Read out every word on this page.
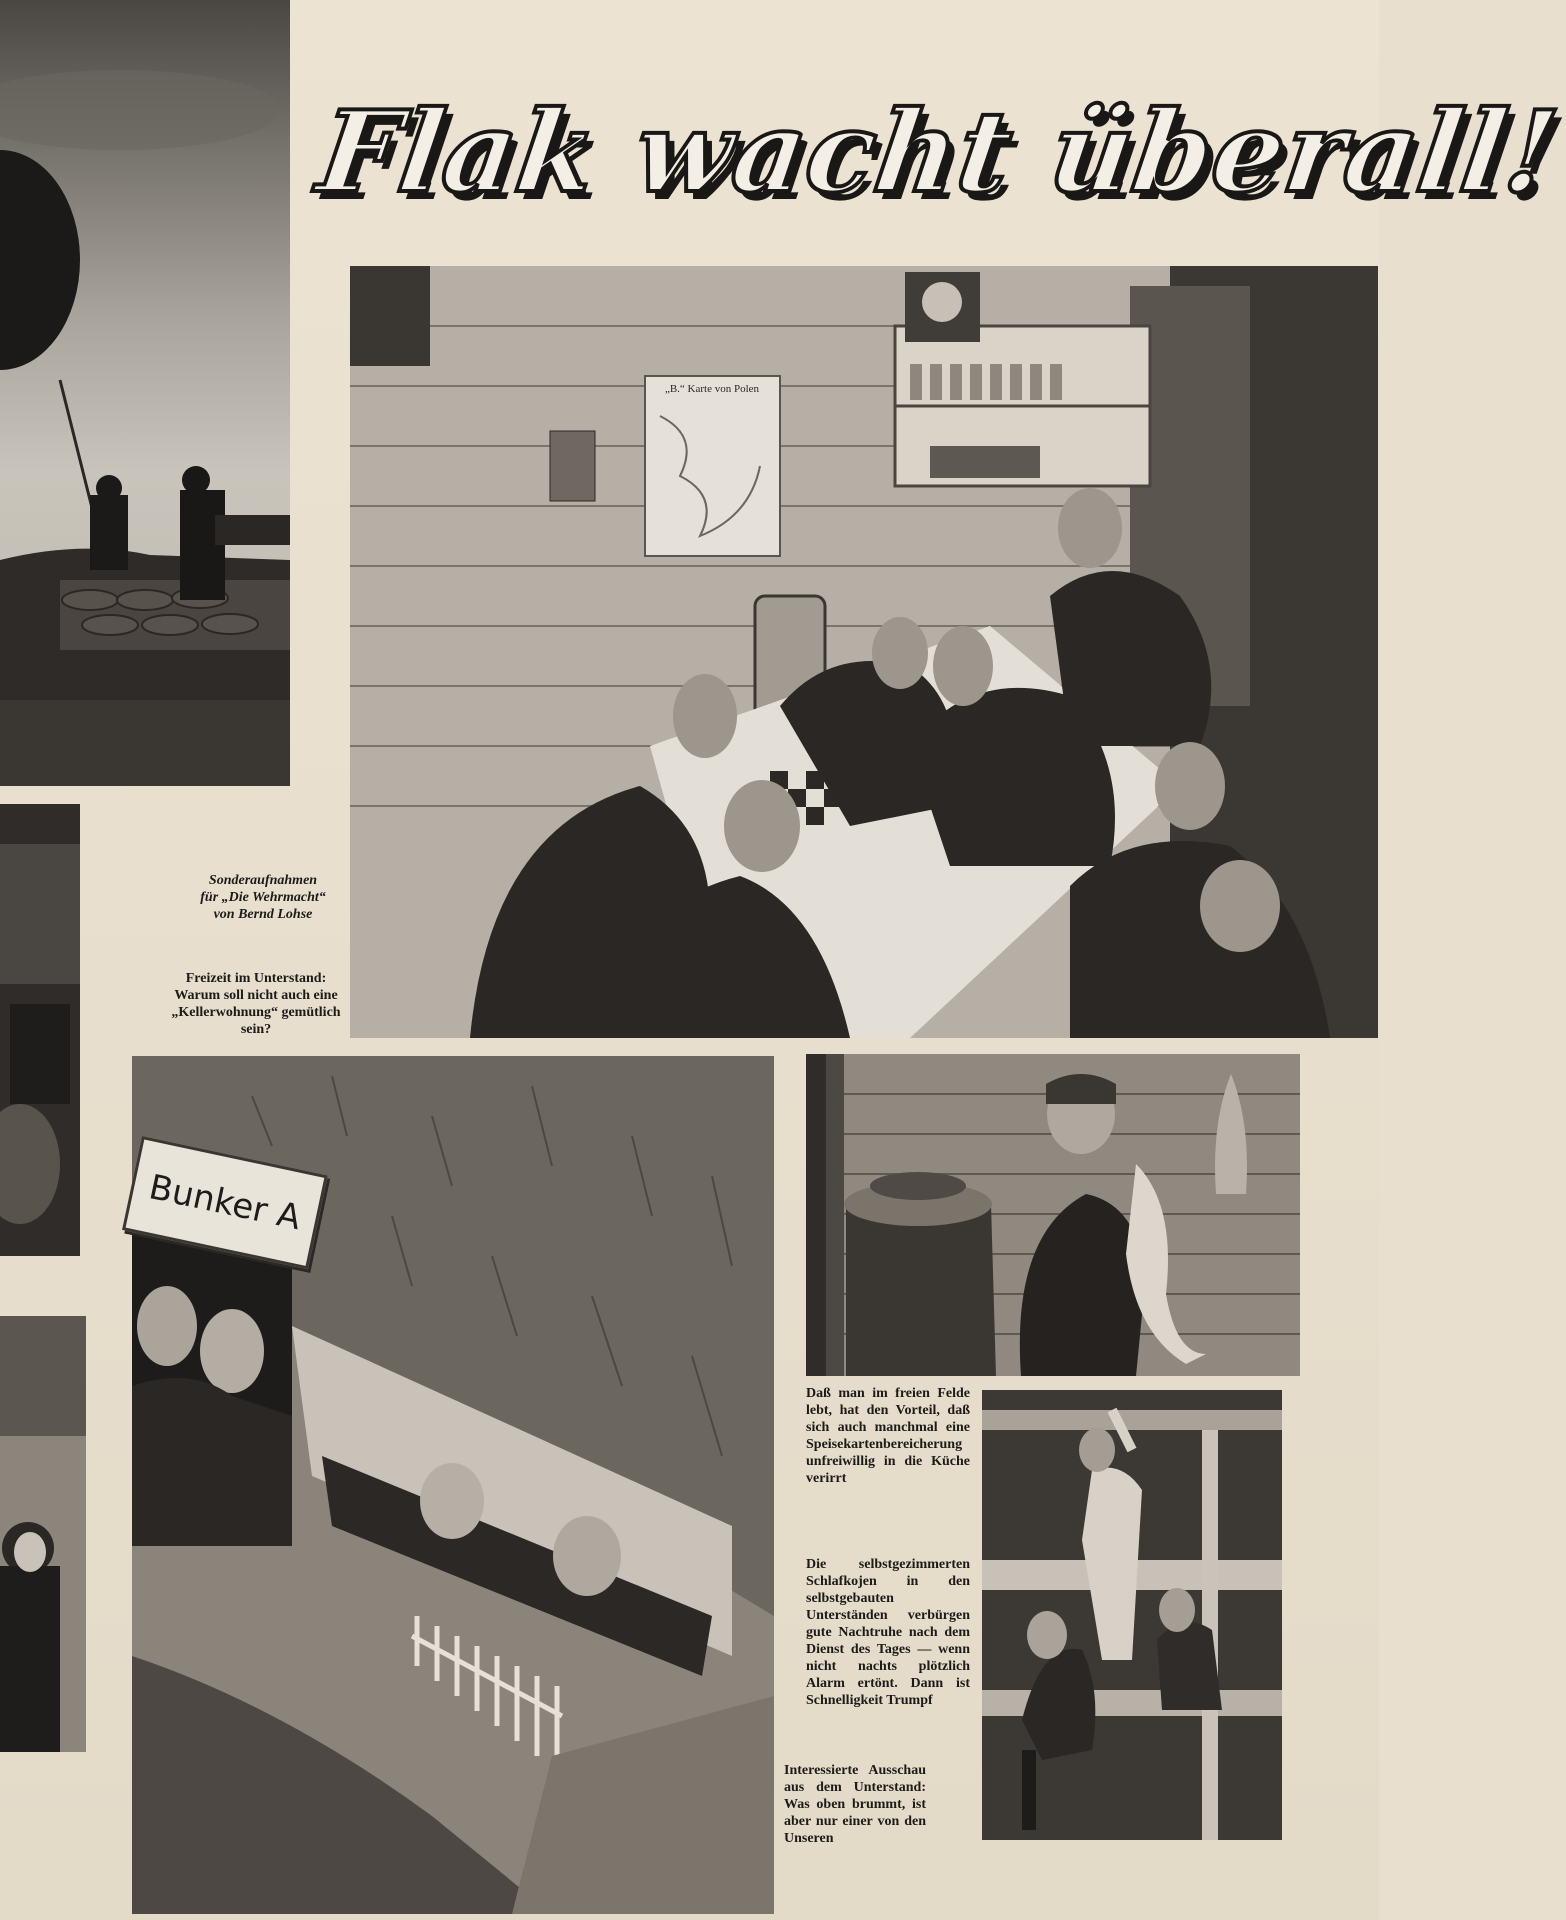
Flak wacht überall!
„B.“ Karte von Polen
Sonderaufnahmen
für „Die Wehrmacht“
von Bernd Lohse
Freizeit im Unterstand: Warum soll nicht auch eine „Kellerwohnung“ gemütlich sein?
Bunker A
Daß man im freien Felde lebt, hat den Vorteil, daß sich auch manchmal eine Speisekartenbereicherung unfreiwillig in die Küche verirrt
Die selbstgezimmerten Schlafkojen in den selbstgebauten Unterständen verbürgen gute Nachtruhe nach dem Dienst des Tages — wenn nicht nachts plötzlich Alarm ertönt. Dann ist Schnelligkeit Trumpf
Interessierte Ausschau aus dem Unterstand: Was oben brummt, ist aber nur einer von den Unseren
